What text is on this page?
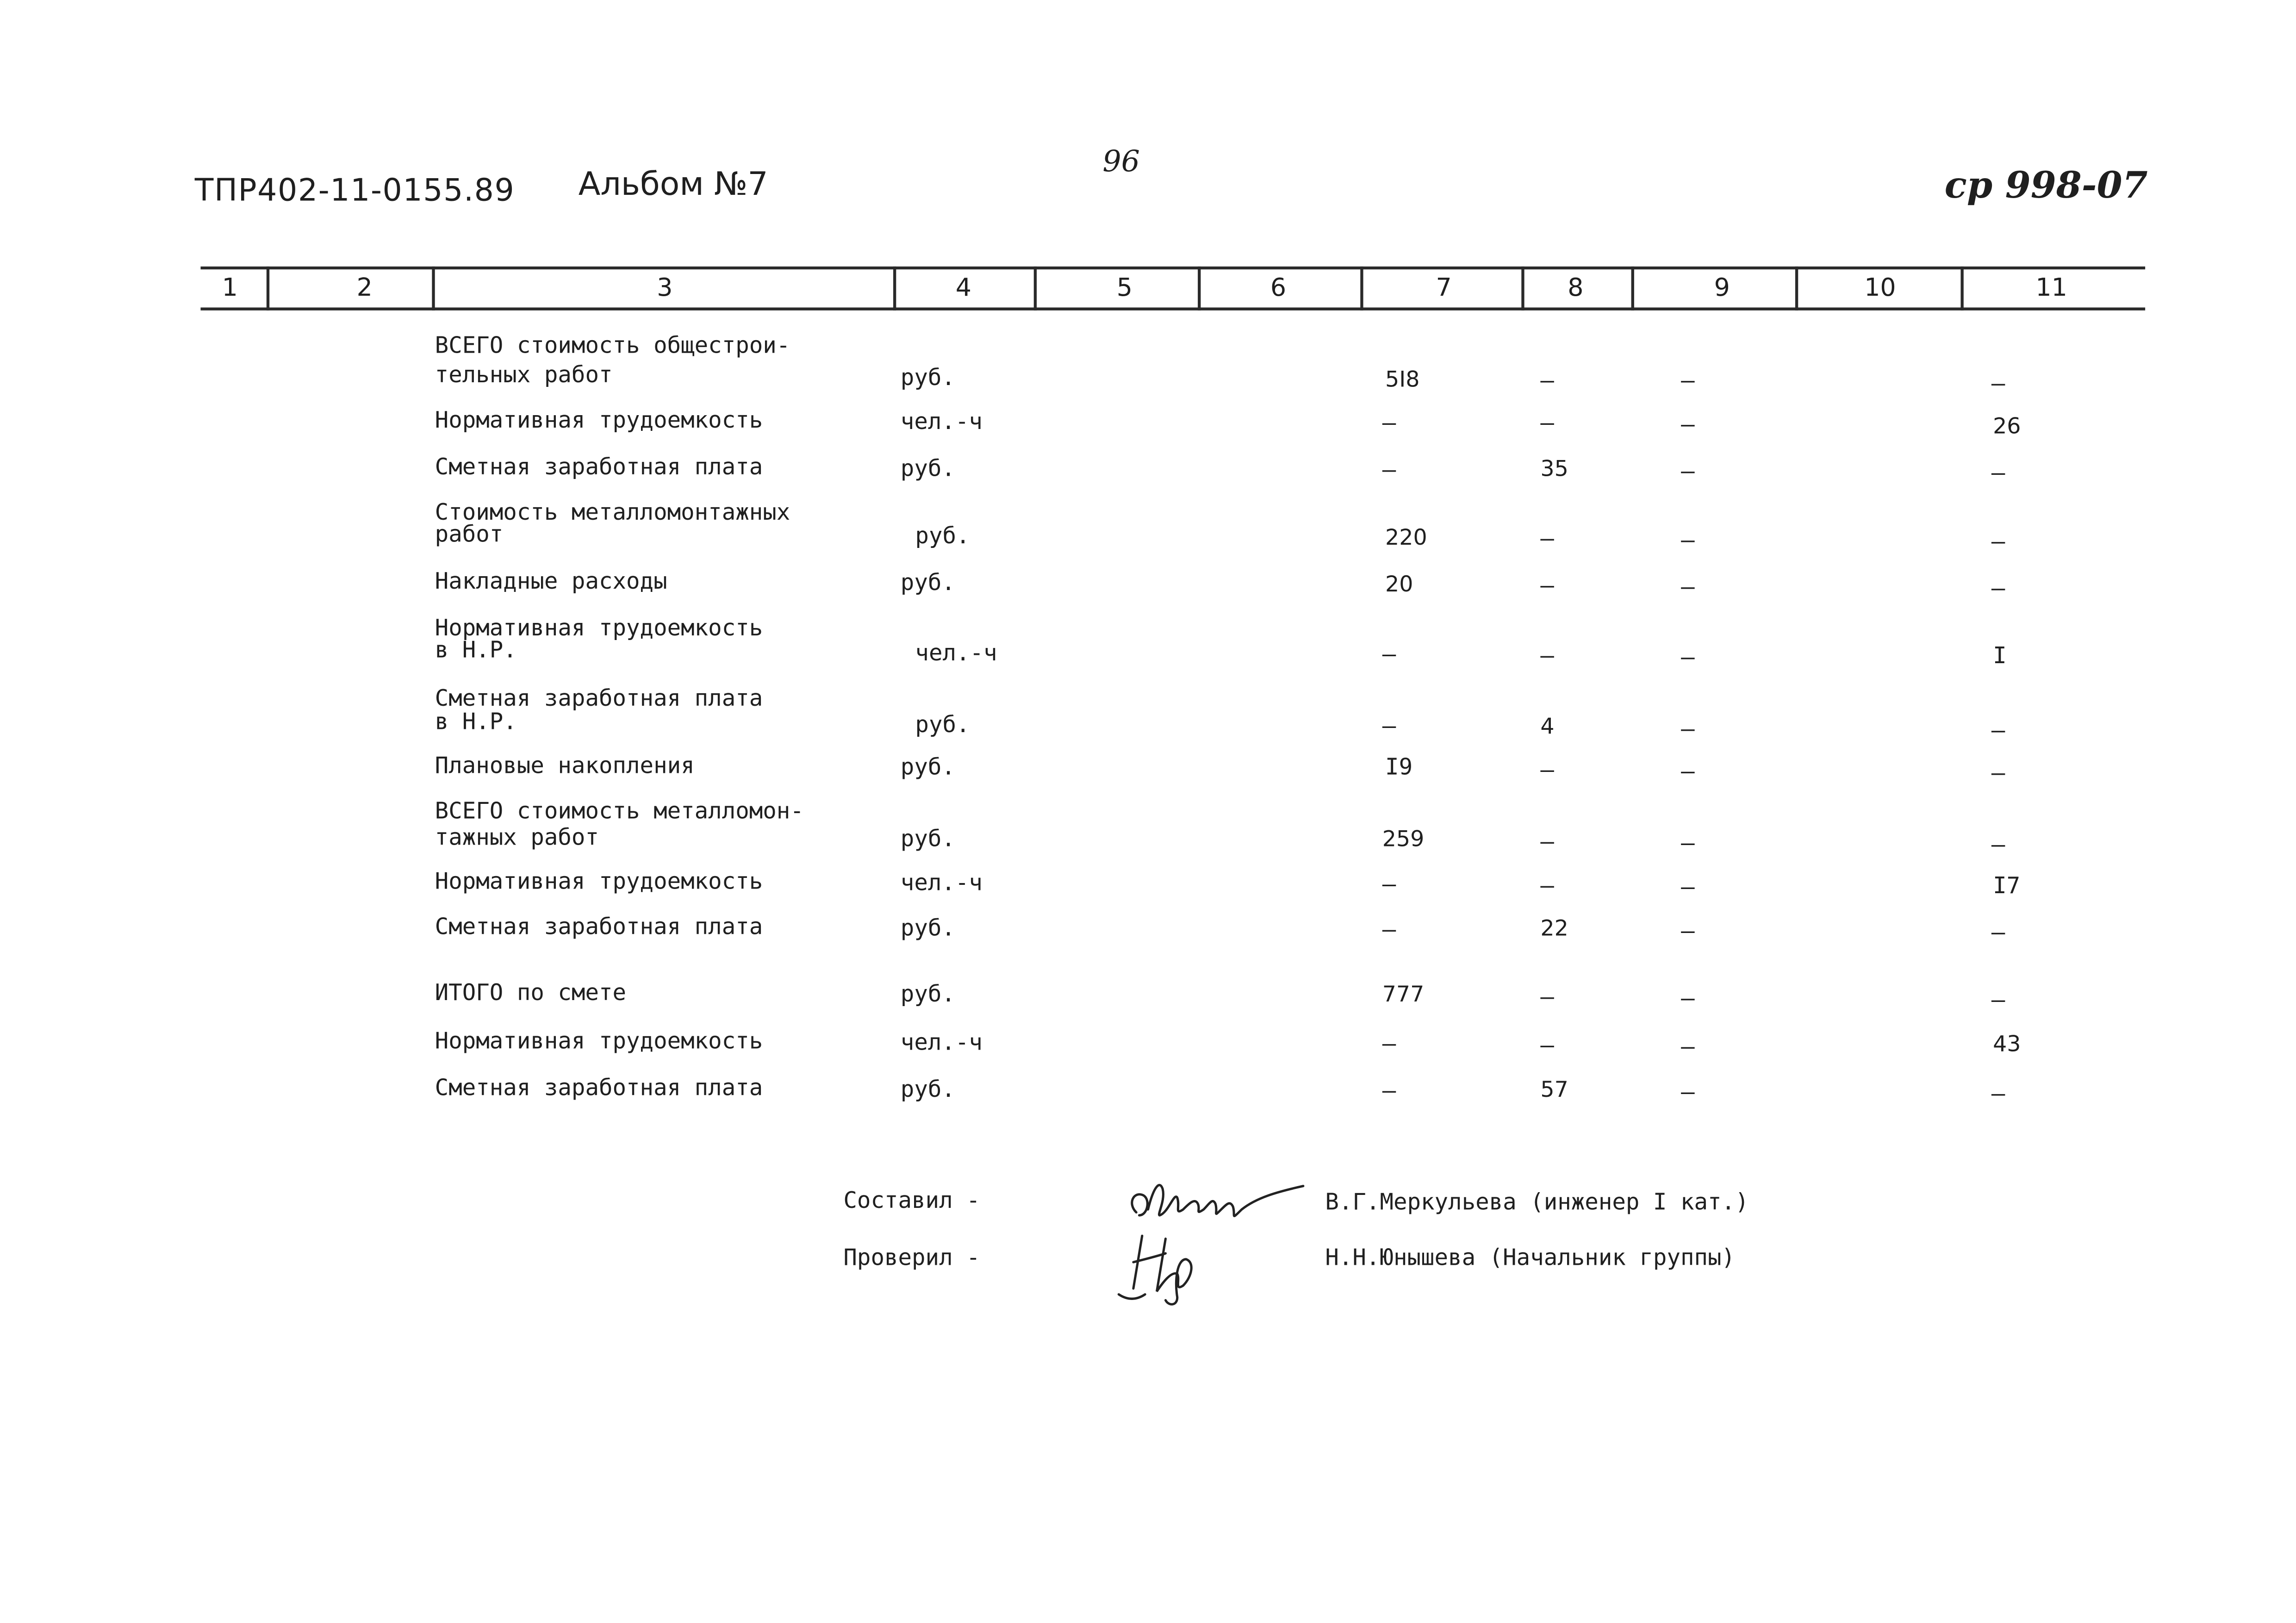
ТПР402-11-0155.89	Альбом №7
96
ср 998-07
1	2	3	4	5	6	7	8	9	10	11
ВСЕГО стоимость общестрои-
тельных работ	руб.	5I8	–	–	–
Нормативная трудоемкость	чел.-ч	–	–	–	26
Сметная заработная плата	руб.	–	35	–	–
Стоимость металломонтажных
работ	руб.	220	–	–	–
Накладные расходы	руб.	20	–	–	–
Нормативная трудоемкость
в Н.Р.	чел.-ч	–	–	–	I
Сметная заработная плата
в Н.Р.	руб.	–	4	–	–
Плановые накопления	руб.	I9	–	–	–
ВСЕГО стоимость металломон-
тажных работ	руб.	259	–	–	–
Нормативная трудоемкость	чел.-ч	–	–	–	I7
Сметная заработная плата	руб.	–	22	–	–
ИТОГО по смете	руб.	777	–	–	–
Нормативная трудоемкость	чел.-ч	–	–	–	43
Сметная заработная плата	руб.	–	57	–	–
Составил -	В.Г.Меркульева (инженер I кат.)
Проверил -	Н.Н.Юнышева (Начальник группы)
